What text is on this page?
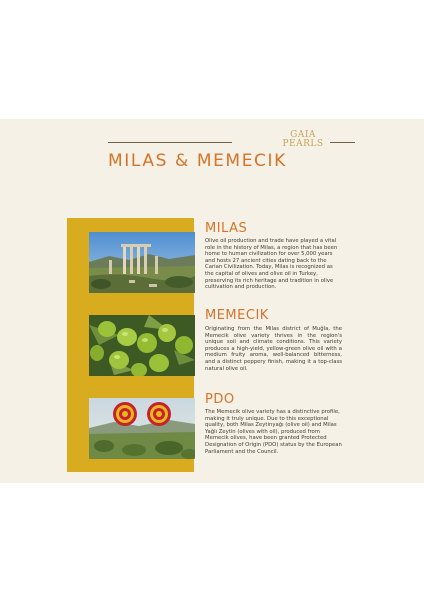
GAIA
PEARLS
MILAS & MEMECIK
MILAS

Olive oil production and trade have played a vital role in the history of Milas, a region that has been home to human civilization for over 5,000 years and hosts 27 ancient cities dating back to the Carian Civilization. Today, Milas is recognized as the capital of olives and olive oil in Turkey, preserving its rich heritage and tradition in olive cultivation and production.

MEMECIK

Originating from the Milas district of Muğla, the Memecik olive variety thrives in the region's unique soil and climate conditions. This variety produces a high-yield, yellow-green olive oil with a medium fruity aroma, well-balanced bitterness, and a distinct peppery finish, making it a top-class natural olive oil.

PDO

The Memecik olive variety has a distinctive profile, making it truly unique. Due to this exceptional quality, both Milas Zeytinyağı (olive oil) and Milas Yağlı Zeytin (olives with oil), produced from Memecik olives, have been granted Protected Designation of Origin (PDO) status by the European Parliament and the Council.
